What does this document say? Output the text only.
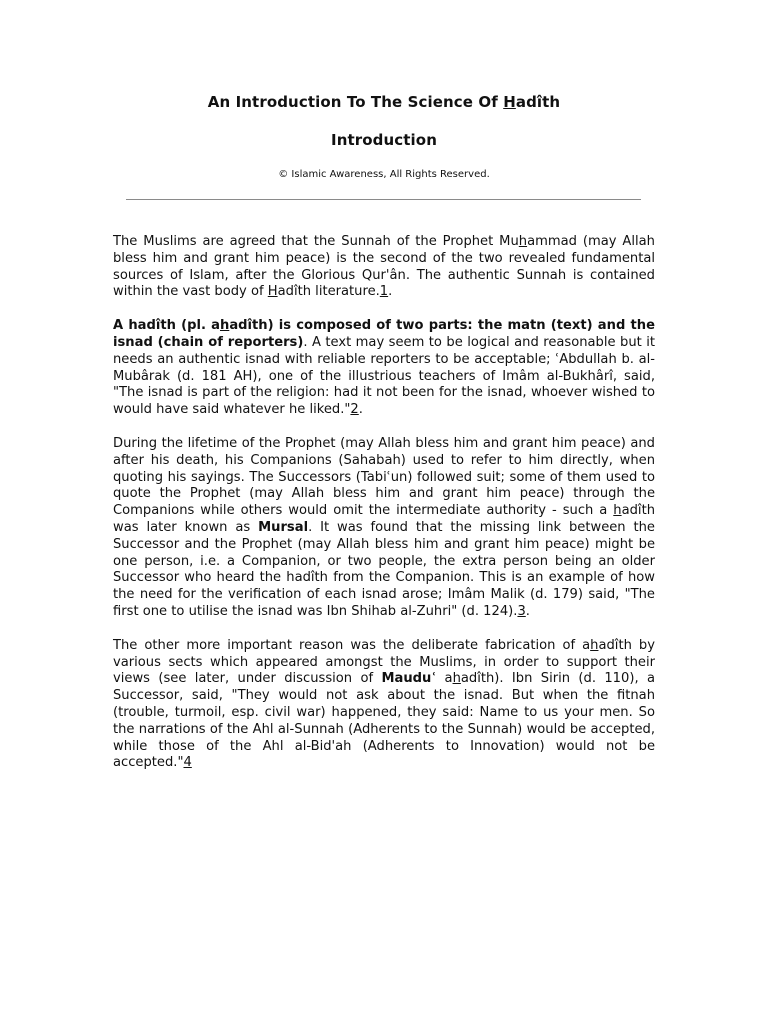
An Introduction To The Science Of Hadîth
Introduction
© Islamic Awareness, All Rights Reserved.

The Muslims are agreed that the Sunnah of the Prophet Muhammad (may Allah bless him and grant him peace) is the second of the two revealed fundamental sources of Islam, after the Glorious Qur'ân. The authentic Sunnah is contained within the vast body of Hadîth literature.1.

A hadîth (pl. ahadîth) is composed of two parts: the matn (text) and the isnad (chain of reporters). A text may seem to be logical and reasonable but it needs an authentic isnad with reliable reporters to be acceptable; ʿAbdullah b. al-Mubârak (d. 181 AH), one of the illustrious teachers of Imâm al-Bukhârî, said, "The isnad is part of the religion: had it not been for the isnad, whoever wished to would have said whatever he liked."2.

During the lifetime of the Prophet (may Allah bless him and grant him peace) and after his death, his Companions (Sahabah) used to refer to him directly, when quoting his sayings. The Successors (Tabiʿun) followed suit; some of them used to quote the Prophet (may Allah bless him and grant him peace) through the Companions while others would omit the intermediate authority - such a hadîth was later known as Mursal. It was found that the missing link between the Successor and the Prophet (may Allah bless him and grant him peace) might be one person, i.e. a Companion, or two people, the extra person being an older Successor who heard the hadîth from the Companion. This is an example of how the need for the verification of each isnad arose; Imâm Malik (d. 179) said, "The first one to utilise the isnad was Ibn Shihab al-Zuhri" (d. 124).3.

The other more important reason was the deliberate fabrication of ahadîth by various sects which appeared amongst the Muslims, in order to support their views (see later, under discussion of Mauduʿ ahadîth). Ibn Sirin (d. 110), a Successor, said, "They would not ask about the isnad. But when the fitnah (trouble, turmoil, esp. civil war) happened, they said: Name to us your men. So the narrations of the Ahl al-Sunnah (Adherents to the Sunnah) would be accepted, while those of the Ahl al-Bid'ah (Adherents to Innovation) would not be accepted."4
